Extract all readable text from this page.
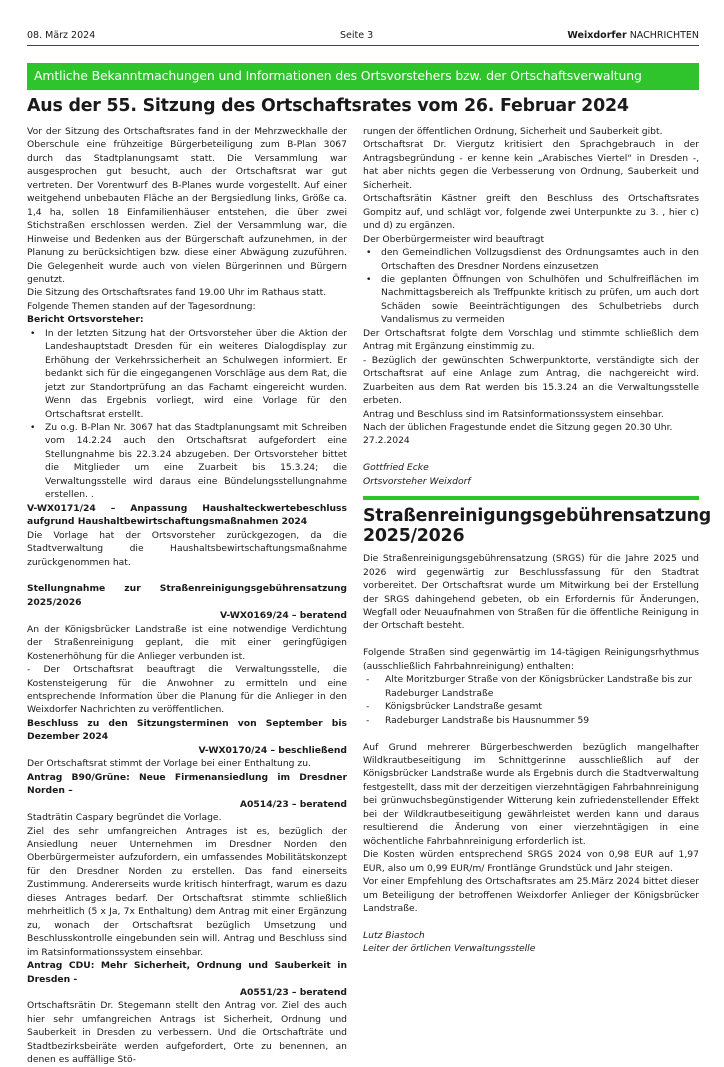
08. März 2024	Seite 3	Weixdorfer NACHRICHTEN
Amtliche Bekanntmachungen und Informationen des Ortsvorstehers bzw. der Ortschaftsverwaltung
Aus der 55. Sitzung des Ortschaftsrates vom 26. Februar 2024

Vor der Sitzung des Ortschaftsrates fand in der Mehrzweckhalle der Oberschule eine frühzeitige Bürgerbeteiligung zum B-Plan 3067 durch das Stadtplanungsamt statt. Die Versammlung war ausgesprochen gut besucht, auch der Ortschaftsrat war gut vertreten. Der Vorentwurf des B-Planes wurde vorgestellt. Auf einer weitgehend unbebauten Fläche an der Bergsiedlung links, Größe ca. 1,4 ha, sollen 18 Einfamilienhäuser entstehen, die über zwei Stichstraßen erschlossen werden. Ziel der Versammlung war, die Hinweise und Bedenken aus der Bürgerschaft aufzunehmen, in der Planung zu berücksichtigen bzw. diese einer Abwägung zuzuführen. Die Gelegenheit wurde auch von vielen Bürgerinnen und Bürgern genutzt.

Die Sitzung des Ortschaftsrates fand 19.00 Uhr im Rathaus statt.

Folgende Themen standen auf der Tagesordnung:

Bericht Ortsvorsteher:

• In der letzten Sitzung hat der Ortsvorsteher über die Aktion der Landeshauptstadt Dresden für ein weiteres Dialogdisplay zur Erhöhung der Verkehrssicherheit an Schulwegen informiert. Er bedankt sich für die eingegangenen Vorschläge aus dem Rat, die jetzt zur Standortprüfung an das Fachamt eingereicht wurden. Wenn das Ergebnis vorliegt, wird eine Vorlage für den Ortschaftsrat erstellt.
• Zu o.g. B-Plan Nr. 3067 hat das Stadtplanungsamt mit Schreiben vom 14.2.24 auch den Ortschaftsrat aufgefordert eine Stellungnahme bis 22.3.24 abzugeben. Der Ortsvorsteher bittet die Mitglieder um eine Zuarbeit bis 15.3.24; die Verwaltungsstelle wird daraus eine Bündelungsstellungnahme erstellen. .

V-WX0171/24 – Anpassung Haushalteckwertebeschluss aufgrund Haushaltbewirtschaftungsmaßnahmen 2024

Die Vorlage hat der Ortsvorsteher zurückgezogen, da die Stadtverwaltung die Haushaltsbewirtschaftungsmaßnahme zurückgenommen hat.

Stellungnahme zur Straßenreinigungsgebührensatzung 2025/2026

V-WX0169/24 – beratend

An der Königsbrücker Landstraße ist eine notwendige Verdichtung der Straßenreinigung geplant, die mit einer geringfügigen Kostenerhöhung für die Anlieger verbunden ist.

- Der Ortschaftsrat beauftragt die Verwaltungsstelle, die Kostensteigerung für die Anwohner zu ermitteln und eine entsprechende Information über die Planung für die Anlieger in den Weixdorfer Nachrichten zu veröffentlichen.

Beschluss zu den Sitzungsterminen von September bis Dezember 2024

V-WX0170/24 – beschließend

Der Ortschaftsrat stimmt der Vorlage bei einer Enthaltung zu.

Antrag B90/Grüne: Neue Firmenansiedlung im Dresdner Norden –

A0514/23 – beratend

Stadträtin Caspary begründet die Vorlage.

Ziel des sehr umfangreichen Antrages ist es, bezüglich der Ansiedlung neuer Unternehmen im Dresdner Norden den Oberbürgermeister aufzufordern, ein umfassendes Mobilitätskonzept für den Dresdner Norden zu erstellen. Das fand einerseits Zustimmung. Andererseits wurde kritisch hinterfragt, warum es dazu dieses Antrages bedarf. Der Ortschaftsrat stimmte schließlich mehrheitlich (5 x Ja, 7x Enthaltung) dem Antrag mit einer Ergänzung zu, wonach der Ortschaftsrat bezüglich Umsetzung und Beschlusskontrolle eingebunden sein will. Antrag und Beschluss sind im Ratsinformationssystem einsehbar.

Antrag CDU: Mehr Sicherheit, Ordnung und Sauberkeit in Dresden -

A0551/23 – beratend

Ortschaftsrätin Dr. Stegemann stellt den Antrag vor. Ziel des auch hier sehr umfangreichen Antrags ist Sicherheit, Ordnung und Sauberkeit in Dresden zu verbessern. Und die Ortschafträte und Stadtbezirksbeiräte werden aufgefordert, Orte zu benennen, an denen es auffällige Stö-

rungen der öffentlichen Ordnung, Sicherheit und Sauberkeit gibt.

Ortschaftsrat Dr. Viergutz kritisiert den Sprachgebrauch in der Antragsbegründung - er kenne kein „Arabisches Viertel“ in Dresden -, hat aber nichts gegen die Verbesserung von Ordnung, Sauberkeit und Sicherheit.

Ortschaftsrätin Kästner greift den Beschluss des Ortschaftsrates Gompitz auf, und schlägt vor, folgende zwei Unterpunkte zu 3. , hier c) und d) zu ergänzen.

Der Oberbürgermeister wird beauftragt

• den Gemeindlichen Vollzugsdienst des Ordnungsamtes auch in den Ortschaften des Dresdner Nordens einzusetzen
• die geplanten Öffnungen von Schulhöfen und Schulfreiflächen im Nachmittagsbereich als Treffpunkte kritisch zu prüfen, um auch dort Schäden sowie Beeinträchtigungen des Schulbetriebs durch Vandalismus zu vermeiden

Der Ortschaftsrat folgte dem Vorschlag und stimmte schließlich dem Antrag mit Ergänzung einstimmig zu.

- Bezüglich der gewünschten Schwerpunktorte, verständigte sich der Ortschaftsrat auf eine Anlage zum Antrag, die nachgereicht wird. Zuarbeiten aus dem Rat werden bis 15.3.24 an die Verwaltungsstelle erbeten.

Antrag und Beschluss sind im Ratsinformationssystem einsehbar.

Nach der üblichen Fragestunde endet die Sitzung gegen 20.30 Uhr.

27.2.2024

Gottfried Ecke

Ortsvorsteher Weixdorf

Straßenreinigungsgebührensatzung
2025/2026

Die Straßenreinigungsgebührensatzung (SRGS) für die Jahre 2025 und 2026 wird gegenwärtig zur Beschlussfassung für den Stadtrat vorbereitet. Der Ortschaftsrat wurde um Mitwirkung bei der Erstellung der SRGS dahingehend gebeten, ob ein Erfordernis für Änderungen, Wegfall oder Neuaufnahmen von Straßen für die öffentliche Reinigung in der Ortschaft besteht.

Folgende Straßen sind gegenwärtig im 14-tägigen Reinigungsrhythmus (ausschließlich Fahrbahnreinigung) enthalten:

- Alte Moritzburger Straße von der Königsbrücker Landstraße bis zur Radeburger Landstraße
- Königsbrücker Landstraße gesamt
- Radeburger Landstraße bis Hausnummer 59

Auf Grund mehrerer Bürgerbeschwerden bezüglich mangelhafter Wildkrautbeseitigung im Schnittgerinne ausschließlich auf der Königsbrücker Landstraße wurde als Ergebnis durch die Stadtverwaltung festgestellt, dass mit der derzeitigen vierzehntägigen Fahrbahnreinigung bei grünwuchsbegünstigender Witterung kein zufriedenstellender Effekt bei der Wildkrautbeseitigung gewährleistet werden kann und daraus resultierend die Änderung von einer vierzehntägigen in eine wöchentliche Fahrbahnreinigung erforderlich ist.

Die Kosten würden entsprechend SRGS 2024 von 0,98 EUR auf 1,97 EUR, also um 0,99 EUR/m/ Frontlänge Grundstück und Jahr steigen.

Vor einer Empfehlung des Ortschaftsrates am 25.März 2024 bittet dieser um Beteiligung der betroffenen Weixdorfer Anlieger der Königsbrücker Landstraße.

Lutz Biastoch

Leiter der örtlichen Verwaltungsstelle
